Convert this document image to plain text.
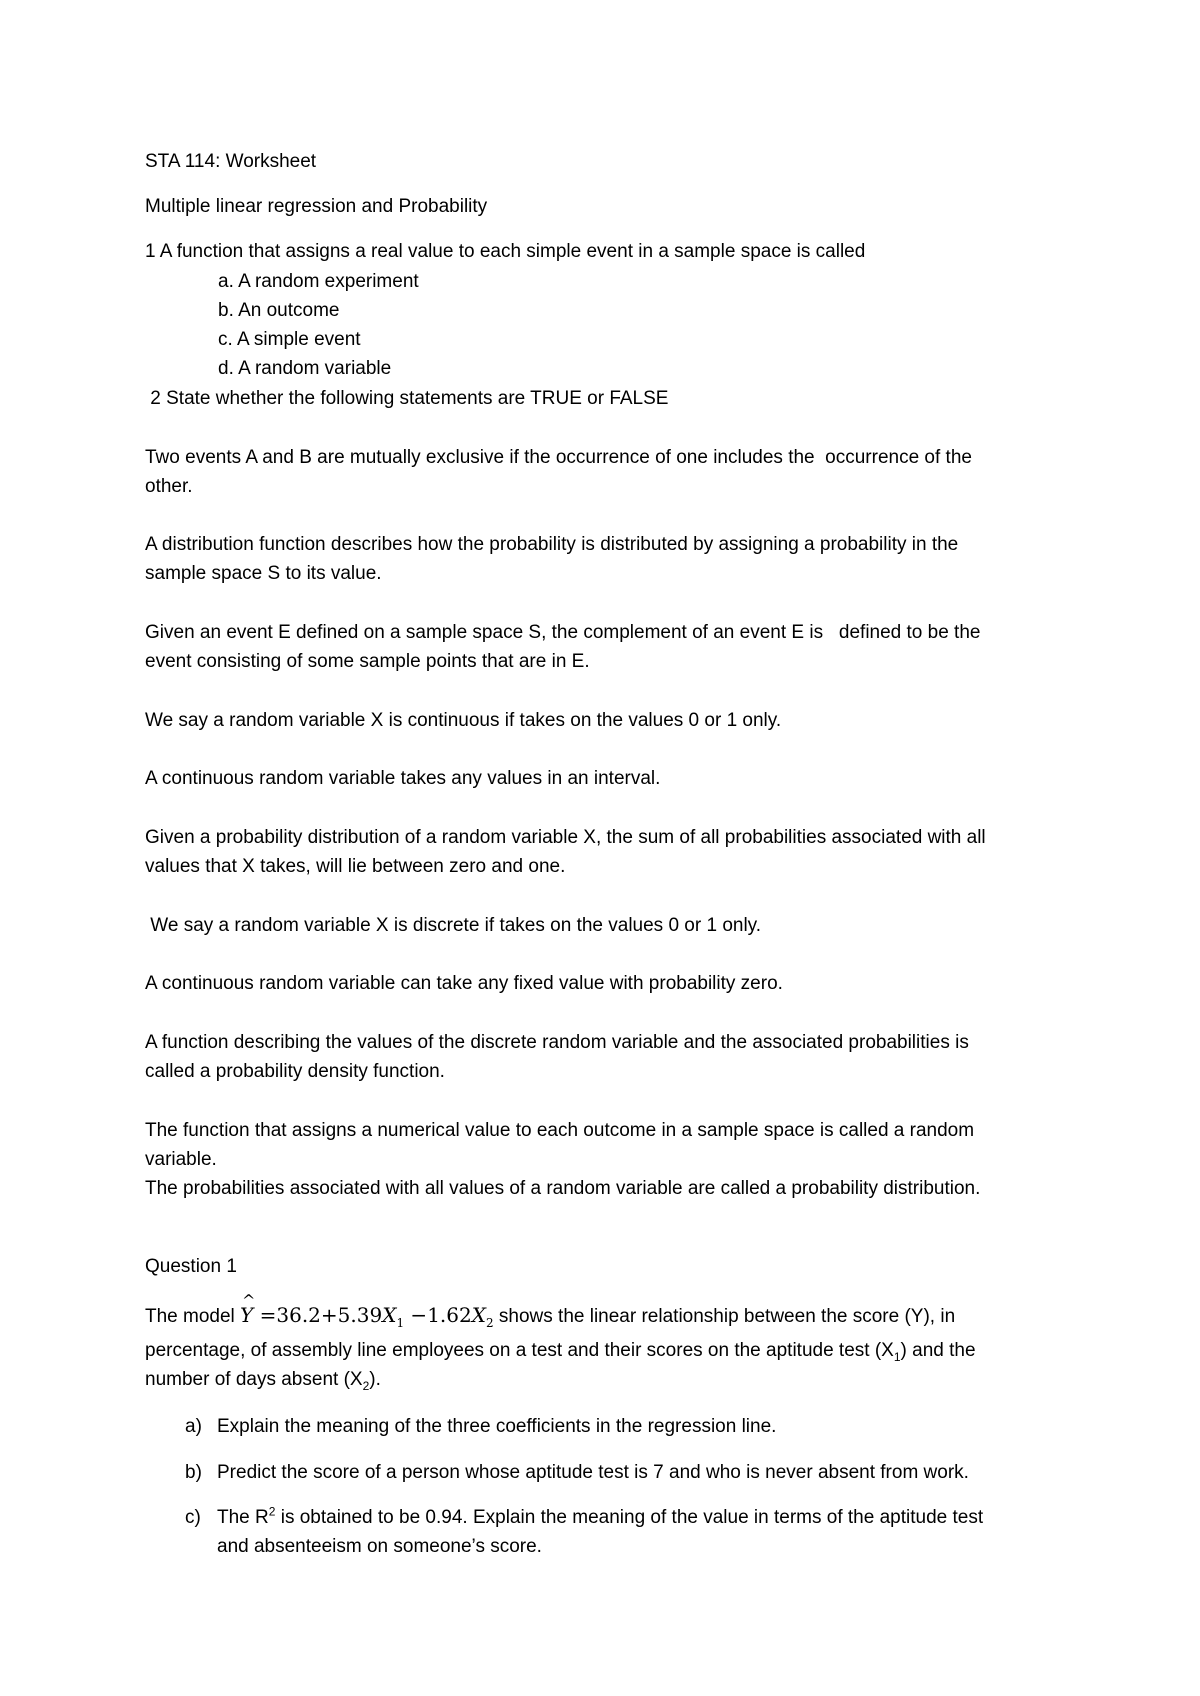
STA 114: Worksheet
Multiple linear regression and Probability
1 A function that assigns a real value to each simple event in a sample space is called
a. A random experiment
b. An outcome
c. A simple event
d. A random variable
2 State whether the following statements are TRUE or FALSE
Two events A and B are mutually exclusive if the occurrence of one includes the  occurrence of the
other.
A distribution function describes how the probability is distributed by assigning a probability in the
sample space S to its value.
Given an event E defined on a sample space S, the complement of an event E is   defined to be the
event consisting of some sample points that are in E.
We say a random variable X is continuous if takes on the values 0 or 1 only.
A continuous random variable takes any values in an interval.
Given a probability distribution of a random variable X, the sum of all probabilities associated with all
values that X takes, will lie between zero and one.
We say a random variable X is discrete if takes on the values 0 or 1 only.
A continuous random variable can take any fixed value with probability zero.
A function describing the values of the discrete random variable and the associated probabilities is
called a probability density function.
The function that assigns a numerical value to each outcome in a sample space is called a random
variable.
The probabilities associated with all values of a random variable are called a probability distribution.
Question 1
The model ^ $Y =36.2+5.39X_1 -1.62X_2$ shows the linear relationship between the score (Y), in
percentage, of assembly line employees on a test and their scores on the aptitude test $(X_1)$ and the
number of days absent $(X_2)$.
a) Explain the meaning of the three coefficients in the regression line.
b) Predict the score of a person whose aptitude test is 7 and who is never absent from work.
c) The $R^2$ is obtained to be 0.94. Explain the meaning of the value in terms of the aptitude test
and absenteeism on someone’s score.
